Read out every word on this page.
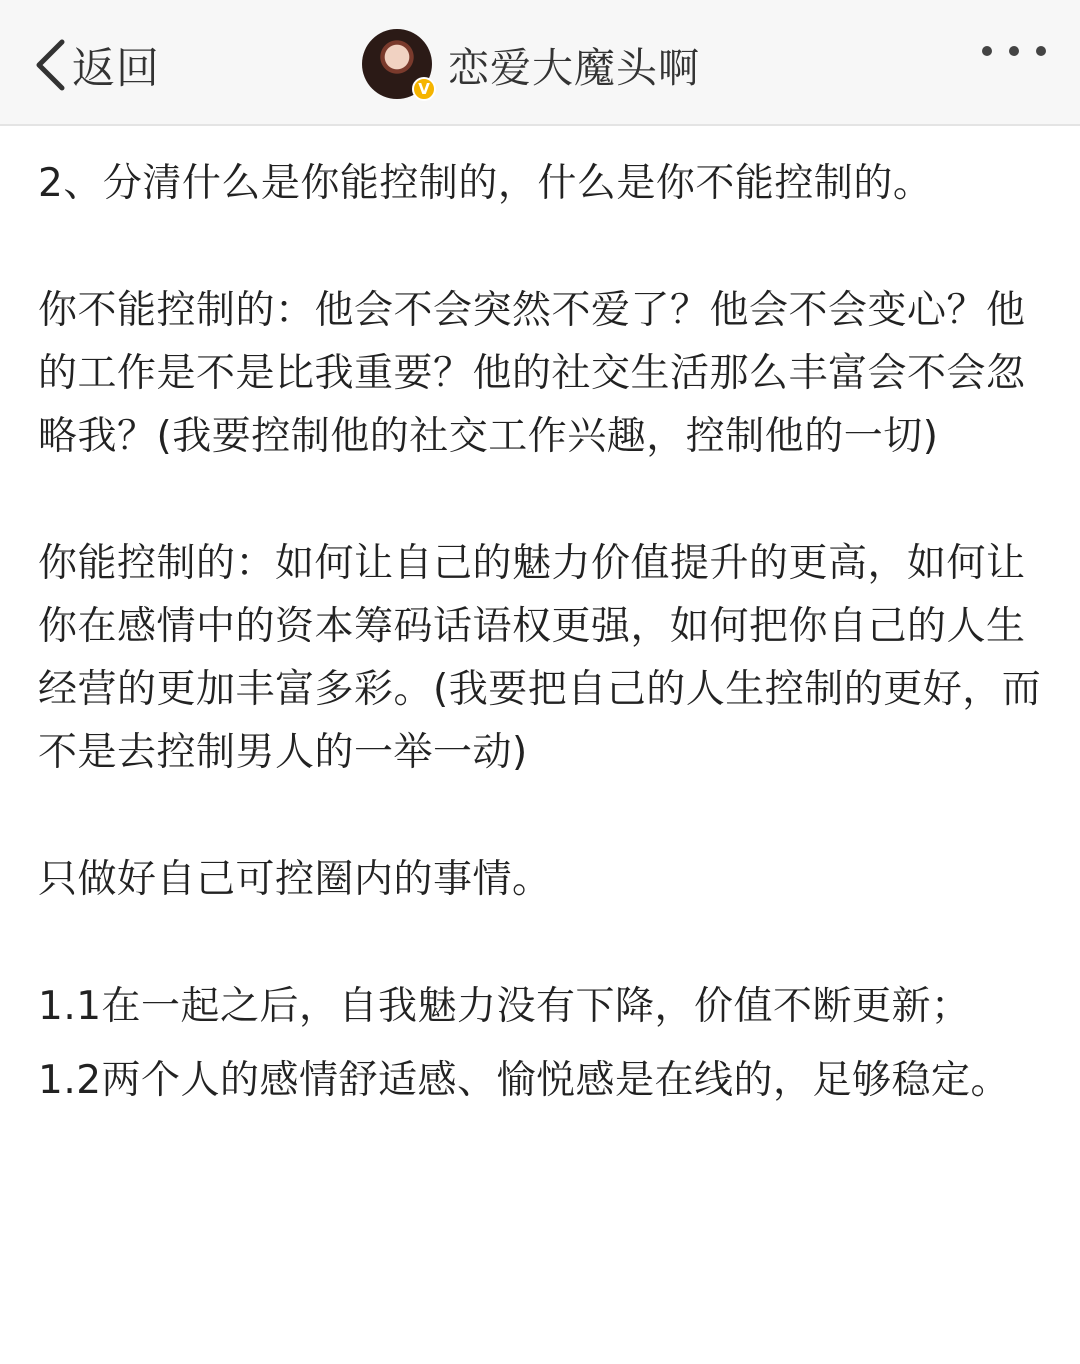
返回	V 恋爱大魔头啊

2、分清什么是你能控制的，什么是你不能控制的。

你不能控制的：他会不会突然不爱了？他会不会变心？他的工作是不是比我重要？他的社交生活那么丰富会不会忽略我？(我要控制他的社交工作兴趣，控制他的一切)

你能控制的：如何让自己的魅力价值提升的更高，如何让你在感情中的资本筹码话语权更强，如何把你自己的人生经营的更加丰富多彩。(我要把自己的人生控制的更好，而不是去控制男人的一举一动)

只做好自己可控圈内的事情。

1.1在一起之后，自我魅力没有下降，价值不断更新；

1.2两个人的感情舒适感、愉悦感是在线的，足够稳定。
